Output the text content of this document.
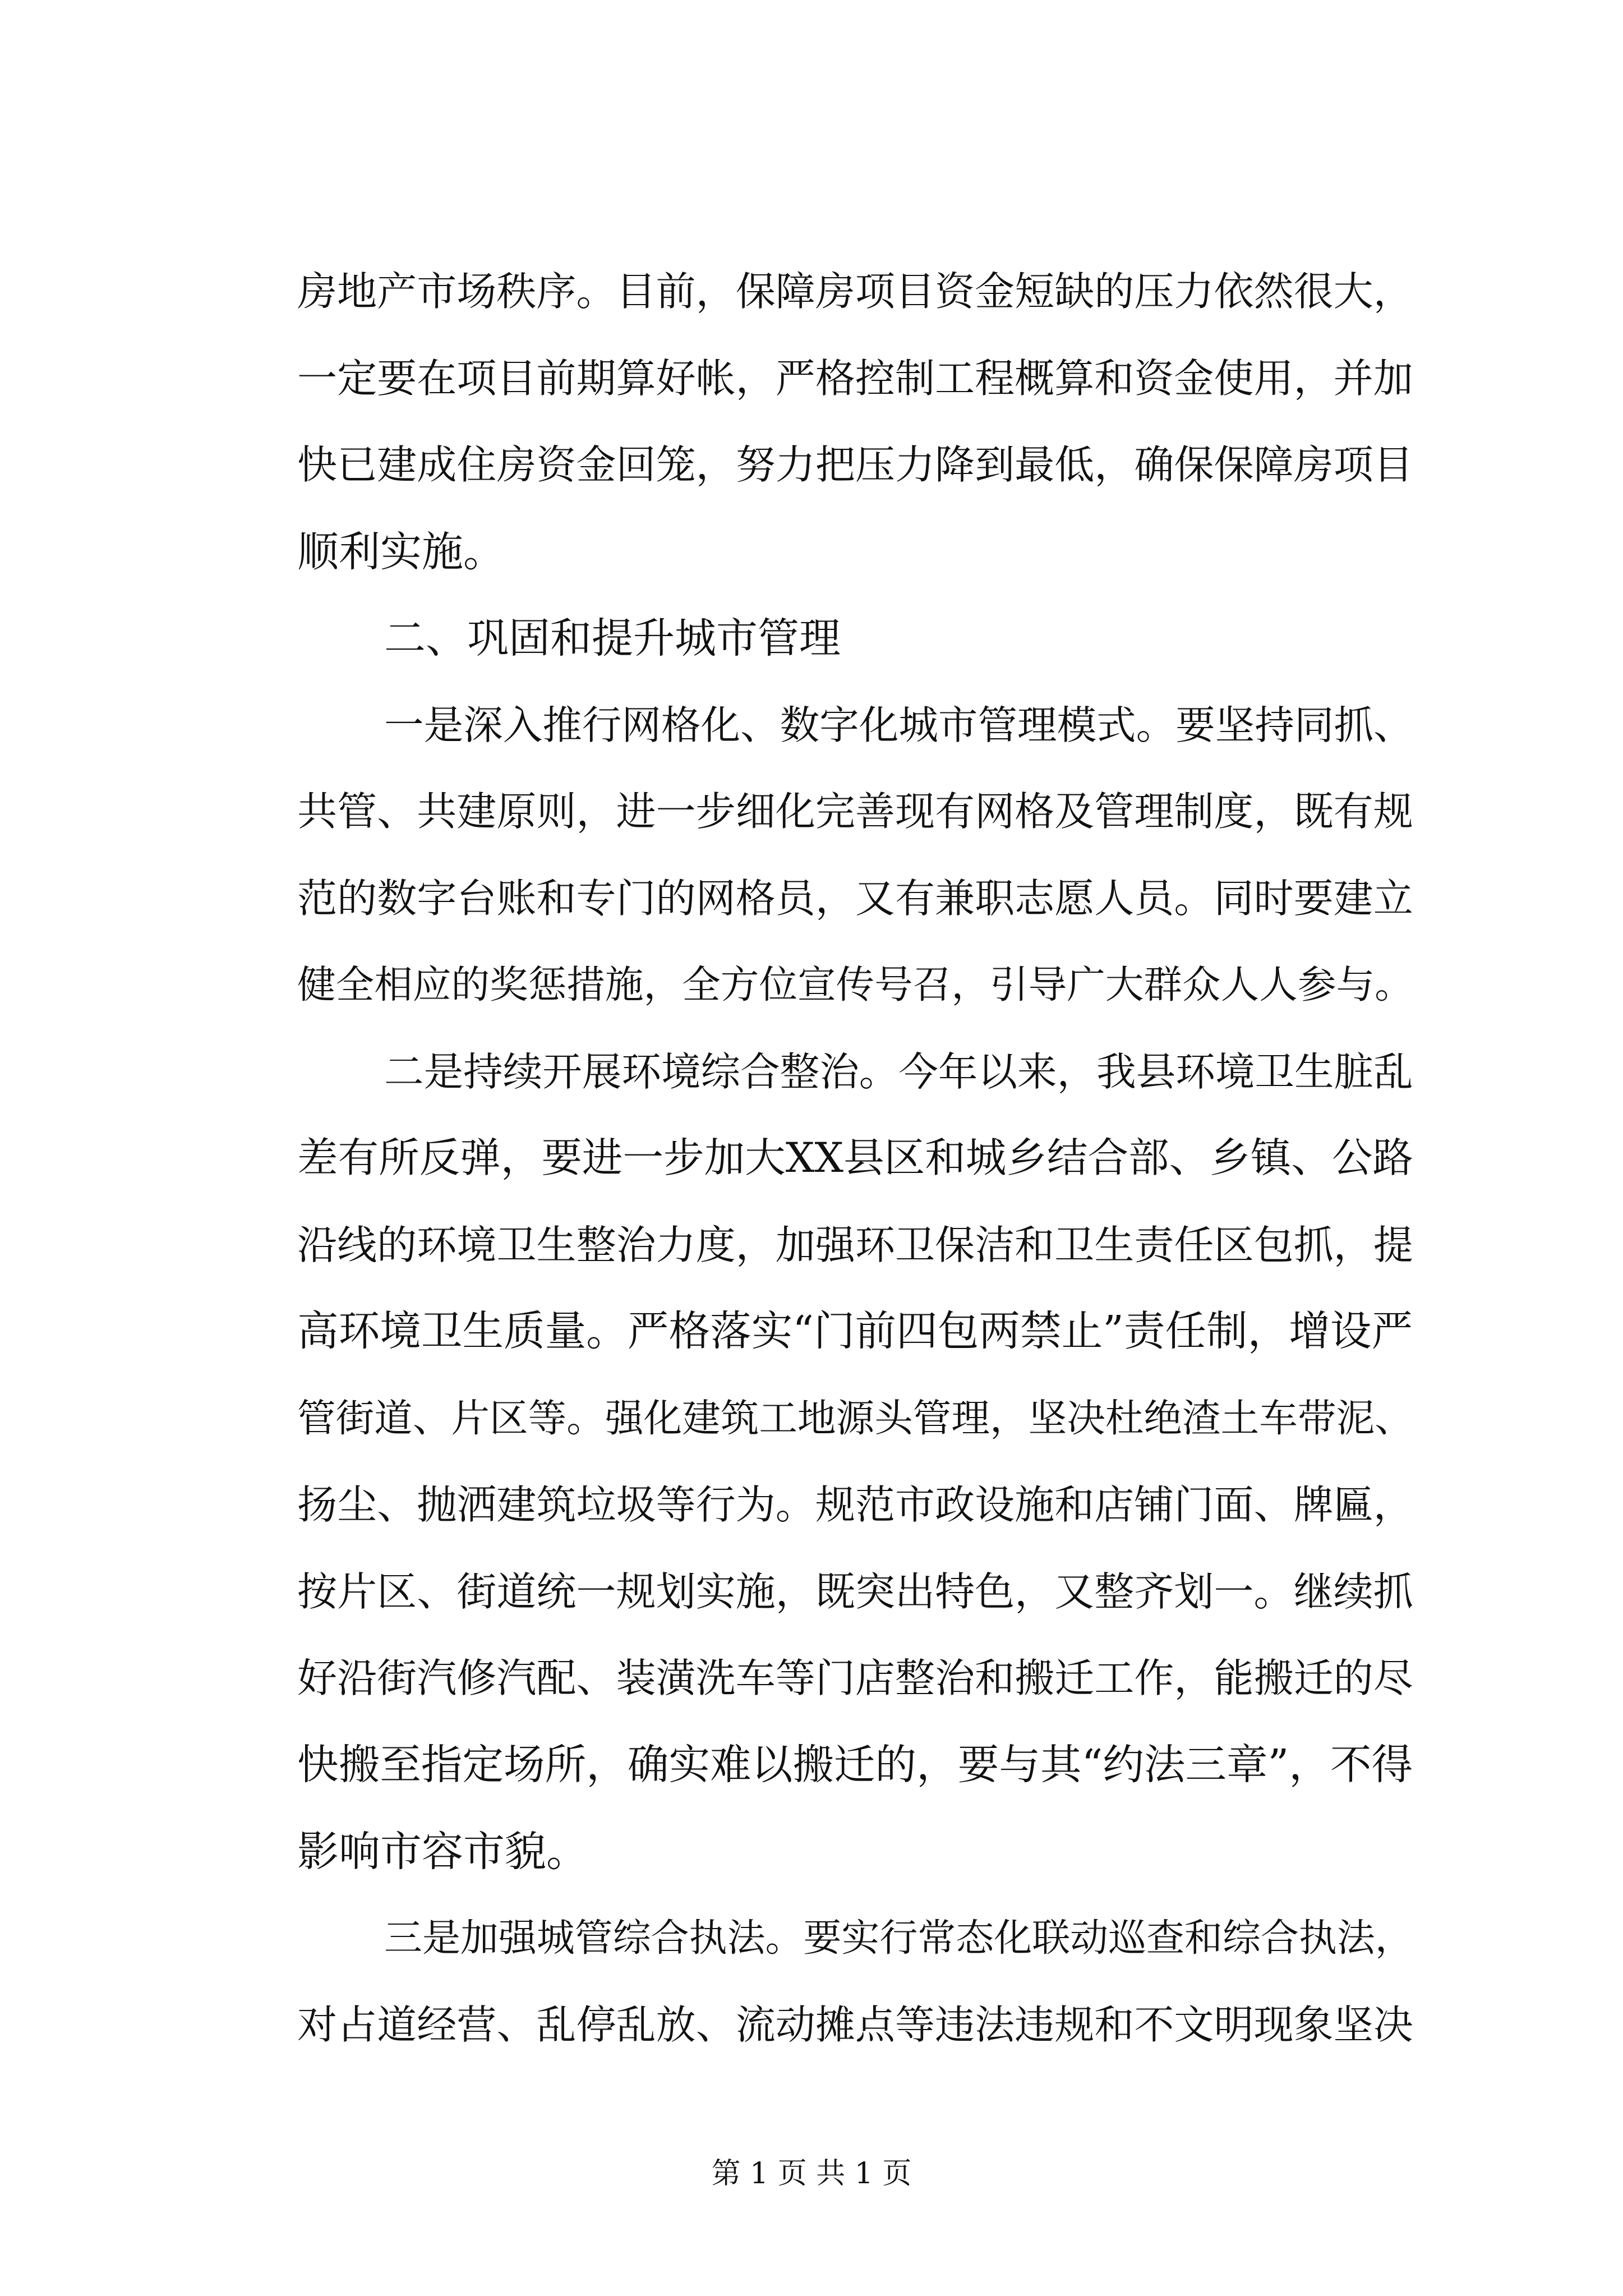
房地产市场秩序。目前，保障房项目资金短缺的压力依然很大，
一定要在项目前期算好帐，严格控制工程概算和资金使用，并加
快已建成住房资金回笼，努力把压力降到最低，确保保障房项目
顺利实施。
二、巩固和提升城市管理
一是深入推行网格化、数字化城市管理模式。要坚持同抓、
共管、共建原则，进一步细化完善现有网格及管理制度，既有规
范的数字台账和专门的网格员，又有兼职志愿人员。同时要建立
健全相应的奖惩措施，全方位宣传号召，引导广大群众人人参与。
二是持续开展环境综合整治。今年以来，我县环境卫生脏乱
差有所反弹，要进一步加大XX县区和城乡结合部、乡镇、公路
沿线的环境卫生整治力度，加强环卫保洁和卫生责任区包抓，提
高环境卫生质量。严格落实“门前四包两禁止”责任制，增设严
管街道、片区等。强化建筑工地源头管理，坚决杜绝渣土车带泥、
扬尘、抛洒建筑垃圾等行为。规范市政设施和店铺门面、牌匾，
按片区、街道统一规划实施，既突出特色，又整齐划一。继续抓
好沿街汽修汽配、装潢洗车等门店整治和搬迁工作，能搬迁的尽
快搬至指定场所，确实难以搬迁的，要与其“约法三章”，不得
影响市容市貌。
三是加强城管综合执法。要实行常态化联动巡查和综合执法，
对占道经营、乱停乱放、流动摊点等违法违规和不文明现象坚决
第 1 页 共 1 页
